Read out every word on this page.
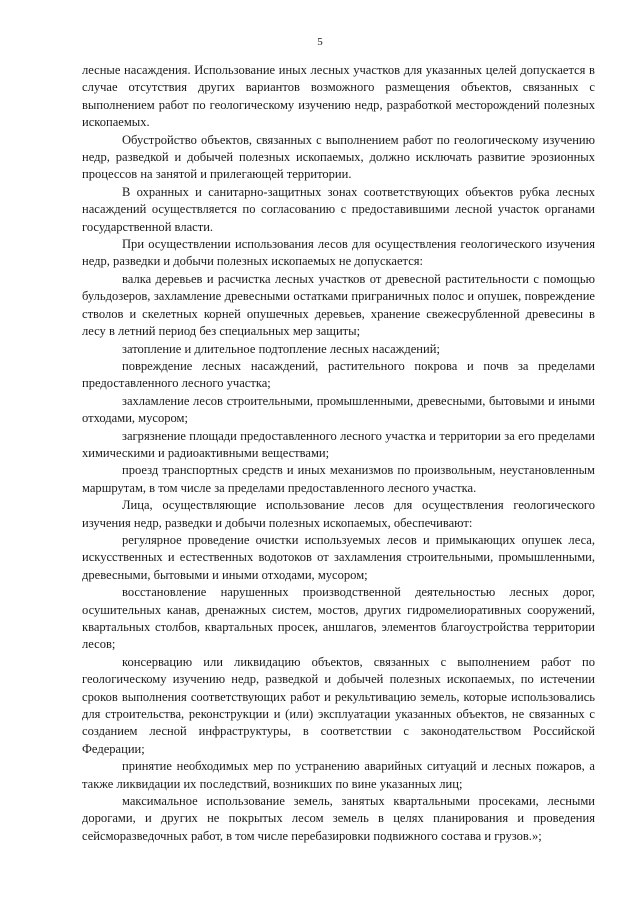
5

лесные насаждения. Использование иных лесных участков для указанных целей допускается в случае отсутствия других вариантов возможного размещения объектов, связанных с выполнением работ по геологическому изучению недр, разработкой месторождений полезных ископаемых.

Обустройство объектов, связанных с выполнением работ по геологическому изучению недр, разведкой и добычей полезных ископаемых, должно исключать развитие эрозионных процессов на занятой и прилегающей территории.

В охранных и санитарно-защитных зонах соответствующих объектов рубка лесных насаждений осуществляется по согласованию с предоставившими лесной участок органами государственной власти.

При осуществлении использования лесов для осуществления геологического изучения недр, разведки и добычи полезных ископаемых не допускается:

валка деревьев и расчистка лесных участков от древесной растительности с помощью бульдозеров, захламление древесными остатками приграничных полос и опушек, повреждение стволов и скелетных корней опушечных деревьев, хранение свежесрубленной древесины в лесу в летний период без специальных мер защиты;

затопление и длительное подтопление лесных насаждений;

повреждение лесных насаждений, растительного покрова и почв за пределами предоставленного лесного участка;

захламление лесов строительными, промышленными, древесными, бытовыми и иными отходами, мусором;

загрязнение площади предоставленного лесного участка и территории за его пределами химическими и радиоактивными веществами;

проезд транспортных средств и иных механизмов по произвольным, неустановленным маршрутам, в том числе за пределами предоставленного лесного участка.

Лица, осуществляющие использование лесов для осуществления геологического изучения недр, разведки и добычи полезных ископаемых, обеспечивают:

регулярное проведение очистки используемых лесов и примыкающих опушек леса, искусственных и естественных водотоков от захламления строительными, промышленными, древесными, бытовыми и иными отходами, мусором;

восстановление нарушенных производственной деятельностью лесных дорог, осушительных канав, дренажных систем, мостов, других гидромелиоративных сооружений, квартальных столбов, квартальных просек, аншлагов, элементов благоустройства территории лесов;

консервацию или ликвидацию объектов, связанных с выполнением работ по геологическому изучению недр, разведкой и добычей полезных ископаемых, по истечении сроков выполнения соответствующих работ и рекультивацию земель, которые использовались для строительства, реконструкции и (или) эксплуатации указанных объектов, не связанных с созданием лесной инфраструктуры, в соответствии с законодательством Российской Федерации;

принятие необходимых мер по устранению аварийных ситуаций и лесных пожаров, а также ликвидации их последствий, возникших по вине указанных лиц;

максимальное использование земель, занятых квартальными просеками, лесными дорогами, и других не покрытых лесом земель в целях планирования и проведения сейсморазведочных работ, в том числе перебазировки подвижного состава и грузов.»;
